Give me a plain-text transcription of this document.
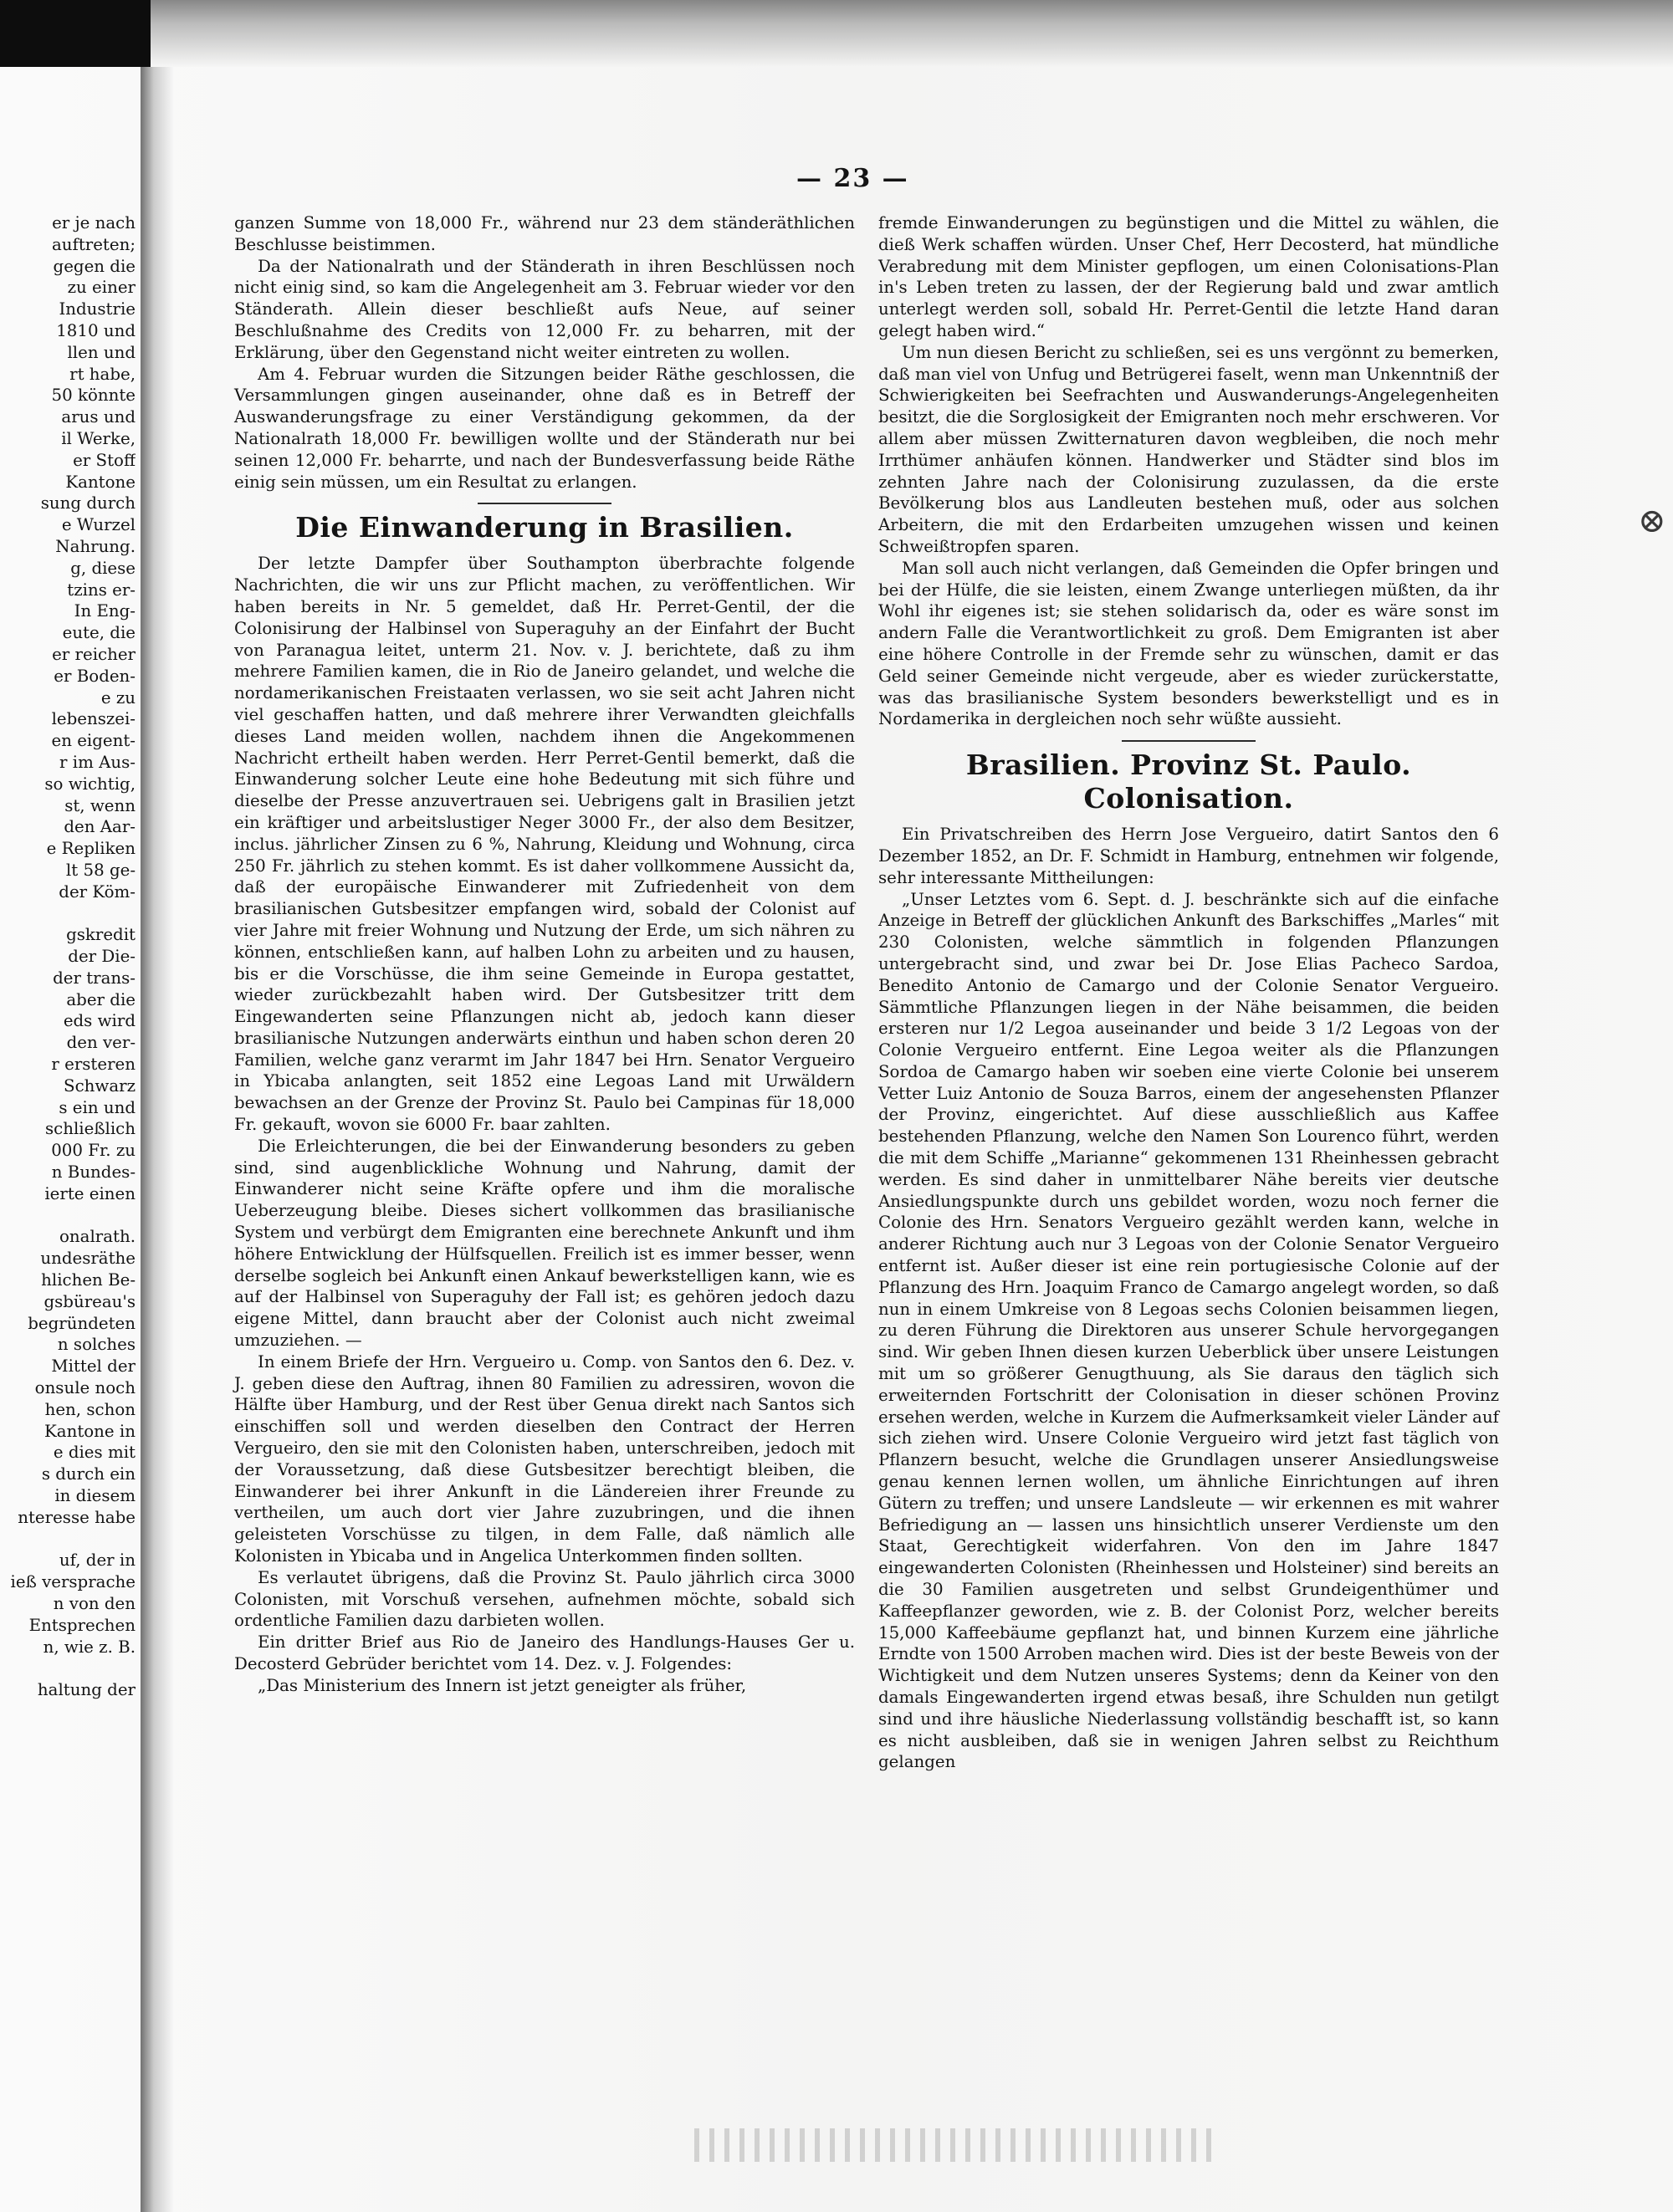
⊗
— 23 —
er je nach
auftreten;
gegen die
zu einer
Industrie
1810 und
llen und
rt habe,
50 könnte
arus und
il Werke,
er Stoff
Kantone
sung durch
e Wurzel
Nahrung.
g, diese
tzins er-
In Eng-
eute, die
er reicher
er Boden-
e zu
lebenszei-
en eigent-
r im Aus-
so wichtig,
st, wenn
den Aar-
e Repliken
lt 58 ge-
der Köm-

gskredit
der Die-
der trans-
aber die
eds wird
den ver-
r ersteren
Schwarz
s ein und
schließlich
000 Fr. zu
n Bundes-
ierte einen

onalrath.
undesräthe
hlichen Be-
gsbüreau's
begründeten
n solches
Mittel der
onsule noch
hen, schon
Kantone in
e dies mit
s durch ein
in diesem
nteresse habe

uf, der in
ieß versprache
n von den
Entsprechen
n, wie z. B.

haltung der

ganzen Summe von 18,000 Fr., während nur 23 dem ständeräthlichen Beschlusse beistimmen.

Da der Nationalrath und der Ständerath in ihren Beschlüssen noch nicht einig sind, so kam die Angelegenheit am 3. Februar wieder vor den Ständerath. Allein dieser beschließt aufs Neue, auf seiner Beschlußnahme des Credits von 12,000 Fr. zu beharren, mit der Erklärung, über den Gegenstand nicht weiter eintreten zu wollen.

Am 4. Februar wurden die Sitzungen beider Räthe geschlossen, die Versammlungen gingen auseinander, ohne daß es in Betreff der Auswanderungsfrage zu einer Verständigung gekommen, da der Nationalrath 18,000 Fr. bewilligen wollte und der Ständerath nur bei seinen 12,000 Fr. beharrte, und nach der Bundesverfassung beide Räthe einig sein müssen, um ein Resultat zu erlangen.

Die Einwanderung in Brasilien.

Der letzte Dampfer über Southampton überbrachte folgende Nachrichten, die wir uns zur Pflicht machen, zu veröffentlichen. Wir haben bereits in Nr. 5 gemeldet, daß Hr. Perret-Gentil, der die Colonisirung der Halbinsel von Superaguhy an der Einfahrt der Bucht von Paranagua leitet, unterm 21. Nov. v. J. berichtete, daß zu ihm mehrere Familien kamen, die in Rio de Janeiro gelandet, und welche die nordamerikanischen Freistaaten verlassen, wo sie seit acht Jahren nicht viel geschaffen hatten, und daß mehrere ihrer Verwandten gleichfalls dieses Land meiden wollen, nachdem ihnen die Angekommenen Nachricht ertheilt haben werden. Herr Perret-Gentil bemerkt, daß die Einwanderung solcher Leute eine hohe Bedeutung mit sich führe und dieselbe der Presse anzuvertrauen sei. Uebrigens galt in Brasilien jetzt ein kräftiger und arbeitslustiger Neger 3000 Fr., der also dem Besitzer, inclus. jährlicher Zinsen zu 6 %, Nahrung, Kleidung und Wohnung, circa 250 Fr. jährlich zu stehen kommt. Es ist daher vollkommene Aussicht da, daß der europäische Einwanderer mit Zufriedenheit von dem brasilianischen Gutsbesitzer empfangen wird, sobald der Colonist auf vier Jahre mit freier Wohnung und Nutzung der Erde, um sich nähren zu können, entschließen kann, auf halben Lohn zu arbeiten und zu hausen, bis er die Vorschüsse, die ihm seine Gemeinde in Europa gestattet, wieder zurückbezahlt haben wird. Der Gutsbesitzer tritt dem Eingewanderten seine Pflanzungen nicht ab, jedoch kann dieser brasilianische Nutzungen anderwärts einthun und haben schon deren 20 Familien, welche ganz verarmt im Jahr 1847 bei Hrn. Senator Vergueiro in Ybicaba anlangten, seit 1852 eine Legoas Land mit Urwäldern bewachsen an der Grenze der Provinz St. Paulo bei Campinas für 18,000 Fr. gekauft, wovon sie 6000 Fr. baar zahlten.

Die Erleichterungen, die bei der Einwanderung besonders zu geben sind, sind augenblickliche Wohnung und Nahrung, damit der Einwanderer nicht seine Kräfte opfere und ihm die moralische Ueberzeugung bleibe. Dieses sichert vollkommen das brasilianische System und verbürgt dem Emigranten eine berechnete Ankunft und ihm höhere Entwicklung der Hülfsquellen. Freilich ist es immer besser, wenn derselbe sogleich bei Ankunft einen Ankauf bewerkstelligen kann, wie es auf der Halbinsel von Superaguhy der Fall ist; es gehören jedoch dazu eigene Mittel, dann braucht aber der Colonist auch nicht zweimal umzuziehen. —

In einem Briefe der Hrn. Vergueiro u. Comp. von Santos den 6. Dez. v. J. geben diese den Auftrag, ihnen 80 Familien zu adressiren, wovon die Hälfte über Hamburg, und der Rest über Genua direkt nach Santos sich einschiffen soll und werden dieselben den Contract der Herren Vergueiro, den sie mit den Colonisten haben, unterschreiben, jedoch mit der Voraussetzung, daß diese Gutsbesitzer berechtigt bleiben, die Einwanderer bei ihrer Ankunft in die Ländereien ihrer Freunde zu vertheilen, um auch dort vier Jahre zuzubringen, und die ihnen geleisteten Vorschüsse zu tilgen, in dem Falle, daß nämlich alle Kolonisten in Ybicaba und in Angelica Unterkommen finden sollten.

Es verlautet übrigens, daß die Provinz St. Paulo jährlich circa 3000 Colonisten, mit Vorschuß versehen, aufnehmen möchte, sobald sich ordentliche Familien dazu darbieten wollen.

Ein dritter Brief aus Rio de Janeiro des Handlungs-Hauses Ger u. Decosterd Gebrüder berichtet vom 14. Dez. v. J. Folgendes:

„Das Ministerium des Innern ist jetzt geneigter als früher,

fremde Einwanderungen zu begünstigen und die Mittel zu wählen, die dieß Werk schaffen würden. Unser Chef, Herr Decosterd, hat mündliche Verabredung mit dem Minister gepflogen, um einen Colonisations-Plan in's Leben treten zu lassen, der der Regierung bald und zwar amtlich unterlegt werden soll, sobald Hr. Perret-Gentil die letzte Hand daran gelegt haben wird.“

Um nun diesen Bericht zu schließen, sei es uns vergönnt zu bemerken, daß man viel von Unfug und Betrügerei faselt, wenn man Unkenntniß der Schwierigkeiten bei Seefrachten und Auswanderungs-Angelegenheiten besitzt, die die Sorglosigkeit der Emigranten noch mehr erschweren. Vor allem aber müssen Zwitternaturen davon wegbleiben, die noch mehr Irrthümer anhäufen können. Handwerker und Städter sind blos im zehnten Jahre nach der Colonisirung zuzulassen, da die erste Bevölkerung blos aus Landleuten bestehen muß, oder aus solchen Arbeitern, die mit den Erdarbeiten umzugehen wissen und keinen Schweißtropfen sparen.

Man soll auch nicht verlangen, daß Gemeinden die Opfer bringen und bei der Hülfe, die sie leisten, einem Zwange unterliegen müßten, da ihr Wohl ihr eigenes ist; sie stehen solidarisch da, oder es wäre sonst im andern Falle die Verantwortlichkeit zu groß. Dem Emigranten ist aber eine höhere Controlle in der Fremde sehr zu wünschen, damit er das Geld seiner Gemeinde nicht vergeude, aber es wieder zurückerstatte, was das brasilianische System besonders bewerkstelligt und es in Nordamerika in dergleichen noch sehr wüßte aussieht.

Brasilien. Provinz St. Paulo. Colonisation.

Ein Privatschreiben des Herrn Jose Vergueiro, datirt Santos den 6 Dezember 1852, an Dr. F. Schmidt in Hamburg, entnehmen wir folgende, sehr interessante Mittheilungen:

„Unser Letztes vom 6. Sept. d. J. beschränkte sich auf die einfache Anzeige in Betreff der glücklichen Ankunft des Barkschiffes „Marles“ mit 230 Colonisten, welche sämmtlich in folgenden Pflanzungen untergebracht sind, und zwar bei Dr. Jose Elias Pacheco Sardoa, Benedito Antonio de Camargo und der Colonie Senator Vergueiro. Sämmtliche Pflanzungen liegen in der Nähe beisammen, die beiden ersteren nur 1/2 Legoa auseinander und beide 3 1/2 Legoas von der Colonie Vergueiro entfernt. Eine Legoa weiter als die Pflanzungen Sordoa de Camargo haben wir soeben eine vierte Colonie bei unserem Vetter Luiz Antonio de Souza Barros, einem der angesehensten Pflanzer der Provinz, eingerichtet. Auf diese ausschließlich aus Kaffee bestehenden Pflanzung, welche den Namen Son Lourenco führt, werden die mit dem Schiffe „Marianne“ gekommenen 131 Rheinhessen gebracht werden. Es sind daher in unmittelbarer Nähe bereits vier deutsche Ansiedlungspunkte durch uns gebildet worden, wozu noch ferner die Colonie des Hrn. Senators Vergueiro gezählt werden kann, welche in anderer Richtung auch nur 3 Legoas von der Colonie Senator Vergueiro entfernt ist. Außer dieser ist eine rein portugiesische Colonie auf der Pflanzung des Hrn. Joaquim Franco de Camargo angelegt worden, so daß nun in einem Umkreise von 8 Legoas sechs Colonien beisammen liegen, zu deren Führung die Direktoren aus unserer Schule hervorgegangen sind. Wir geben Ihnen diesen kurzen Ueberblick über unsere Leistungen mit um so größerer Genugthuung, als Sie daraus den täglich sich erweiternden Fortschritt der Colonisation in dieser schönen Provinz ersehen werden, welche in Kurzem die Aufmerksamkeit vieler Länder auf sich ziehen wird. Unsere Colonie Vergueiro wird jetzt fast täglich von Pflanzern besucht, welche die Grundlagen unserer Ansiedlungsweise genau kennen lernen wollen, um ähnliche Einrichtungen auf ihren Gütern zu treffen; und unsere Landsleute — wir erkennen es mit wahrer Befriedigung an — lassen uns hinsichtlich unserer Verdienste um den Staat, Gerechtigkeit widerfahren. Von den im Jahre 1847 eingewanderten Colonisten (Rheinhessen und Holsteiner) sind bereits an die 30 Familien ausgetreten und selbst Grundeigenthümer und Kaffeepflanzer geworden, wie z. B. der Colonist Porz, welcher bereits 15,000 Kaffeebäume gepflanzt hat, und binnen Kurzem eine jährliche Erndte von 1500 Arroben machen wird. Dies ist der beste Beweis von der Wichtigkeit und dem Nutzen unseres Systems; denn da Keiner von den damals Eingewanderten irgend etwas besaß, ihre Schulden nun getilgt sind und ihre häusliche Niederlassung vollständig beschafft ist, so kann es nicht ausbleiben, daß sie in wenigen Jahren selbst zu Reichthum gelangen
